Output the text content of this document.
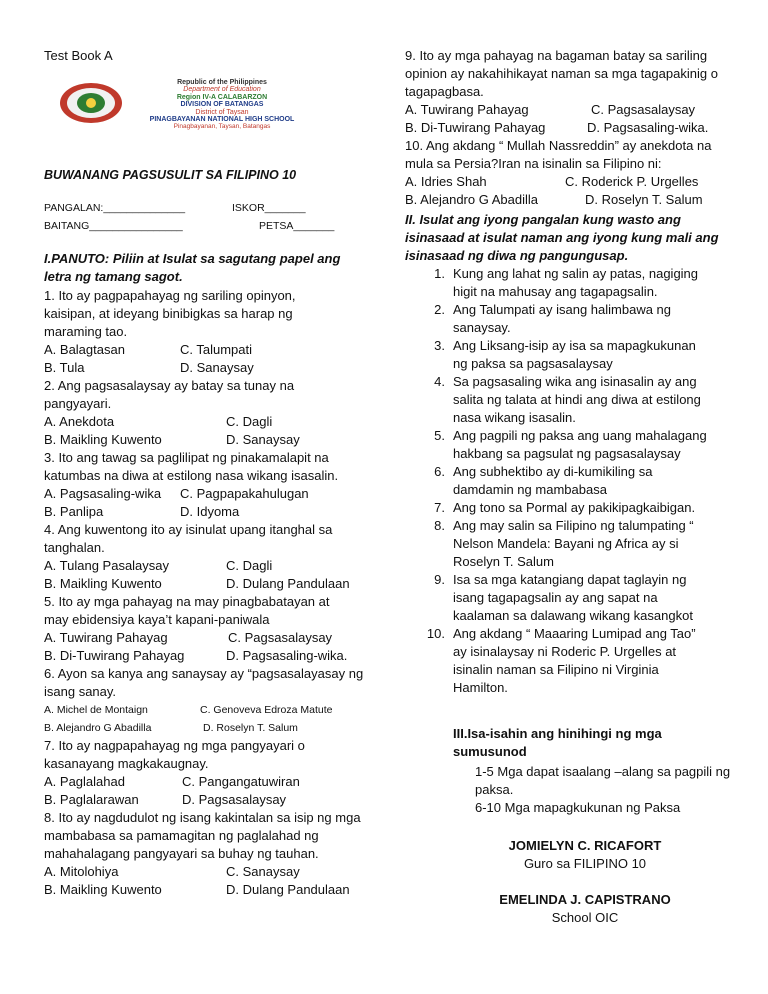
Test Book A
Republic of the Philippines
Department of Education
Region IV-A CALABARZON
DIVISION OF BATANGAS
District of Taysan
PINAGBAYANAN NATIONAL HIGH SCHOOL
Pinagbayanan, Taysan, Batangas
BUWANANG PAGSUSULIT SA FILIPINO 10
PANGALAN:______________	ISKOR_______
BAITANG________________	PETSA_______
I.PANUTO: Piliin at Isulat sa sagutang papel ang letra ng tamang sagot.
1. Ito ay pagpapahayag ng sariling opinyon, kaisipan, at ideyang binibigkas sa harap ng maraming tao.
A. Balagtasan	C. Talumpati
B. Tula	D. Sanaysay
2. Ang pagsasalaysay ay batay sa tunay na pangyayari.
A. Anekdota	C. Dagli
B. Maikling Kuwento	D. Sanaysay
3. Ito ang tawag sa paglilipat ng pinakamalapit na katumbas na diwa at estilong nasa wikang isasalin.
A. Pagsasaling-wika	C. Pagpapakahulugan
B. Panlipa	D. Idyoma
4. Ang kuwentong ito ay isinulat upang itanghal sa tanghalan.
A. Tulang Pasalaysay	C. Dagli
B. Maikling Kuwento	D. Dulang Pandulaan
5. Ito ay mga pahayag na may pinagbabatayan at may ebidensiya kaya’t kapani-paniwala
A. Tuwirang Pahayag	C. Pagsasalaysay
B. Di-Tuwirang Pahayag	D. Pagsasaling-wika.
6. Ayon sa kanya ang sanaysay ay “pagsasalayasay ng isang sanay.
A. Michel de Montaign	C. Genoveva Edroza Matute
B. Alejandro G Abadilla	D. Roselyn T. Salum
7. Ito ay nagpapahayag ng mga pangyayari o kasanayang magkakaugnay.
A. Paglalahad	C. Pangangatuwiran
B. Paglalarawan	D. Pagsasalaysay
8. Ito ay nagdudulot ng isang kakintalan sa isip ng mga mambabasa sa pamamagitan ng paglalahad ng mahahalagang pangyayari sa buhay ng tauhan.
A. Mitolohiya	C. Sanaysay
B. Maikling Kuwento	D. Dulang Pandulaan
9. Ito ay mga pahayag na bagaman batay sa sariling opinion ay nakahihikayat naman sa mga tagapakinig o tagapagbasa.
A. Tuwirang Pahayag	C. Pagsasalaysay
B. Di-Tuwirang Pahayag	D. Pagsasaling-wika.
10. Ang akdang “ Mullah Nassreddin” ay anekdota na mula sa Persia?Iran na isinalin sa Filipino ni:
A. Idries Shah	C. Roderick P. Urgelles
B. Alejandro G Abadilla	D. Roselyn T. Salum
II. Isulat ang iyong pangalan kung wasto ang isinasaad at isulat naman ang iyong kung mali ang isinasaad ng diwa ng pangungusap.
1. Kung ang lahat ng salin ay patas, nagiging higit na mahusay ang tagapagsalin.
2. Ang Talumpati ay isang halimbawa ng sanaysay.
3. Ang Liksang-isip ay isa sa mapagkukunan ng paksa sa pagsasalaysay
4. Sa pagsasaling wika ang isinasalin ay ang salita ng talata at hindi ang diwa at estilong nasa wikang isasalin.
5. Ang pagpili ng paksa ang uang mahalagang hakbang sa pagsulat ng pagsasalaysay
6. Ang subhektibo ay di-kumikiling sa damdamin ng mambabasa
7. Ang tono sa Pormal ay pakikipagkaibigan.
8. Ang may salin sa Filipino ng talumpating “ Nelson Mandela: Bayani ng Africa ay si Roselyn T. Salum
9. Isa sa mga katangiang dapat taglayin ng isang tagapagsalin ay ang sapat na kaalaman sa dalawang wikang kasangkot
10. Ang akdang “ Maaaring Lumipad ang Tao” ay isinalaysay ni Roderic P. Urgelles at isinalin naman sa Filipino ni Virginia Hamilton.
III.Isa-isahin ang hinihingi ng mga sumusunod
1-5 Mga dapat isaalang –alang sa pagpili ng paksa.
6-10 Mga mapagkukunan ng Paksa
JOMIELYN C. RICAFORT
Guro sa FILIPINO 10
EMELINDA J. CAPISTRANO
School OIC
